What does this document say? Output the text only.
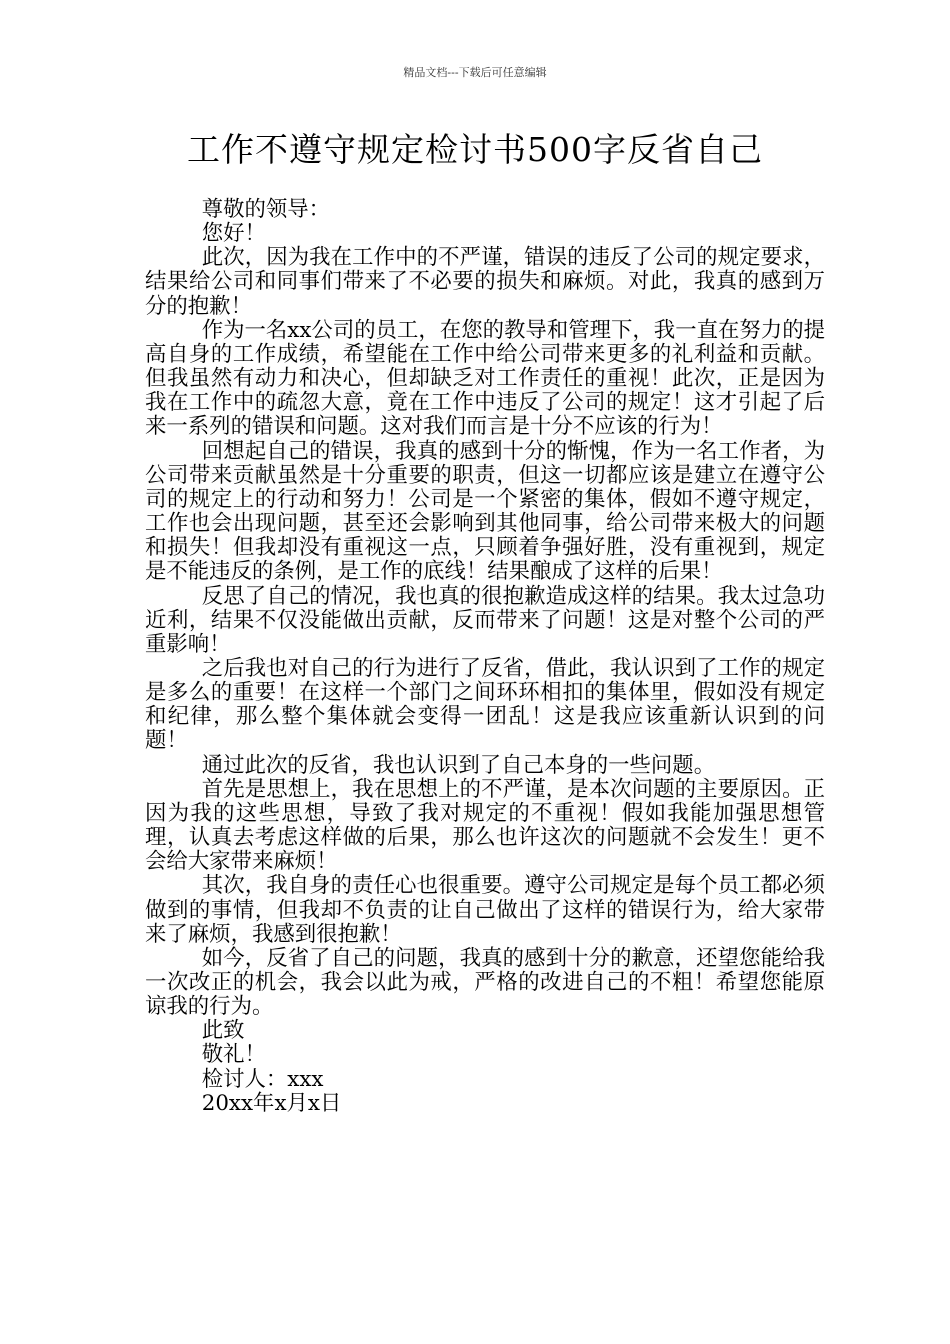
精品文档---下载后可任意编辑
工作不遵守规定检讨书500字反省自己

尊敬的领导：

您好！

此次，因为我在工作中的不严谨，错误的违反了公司的规定要求，结果给公司和同事们带来了不必要的损失和麻烦。对此，我真的感到万分的抱歉！

作为一名xx公司的员工，在您的教导和管理下，我一直在努力的提高自身的工作成绩，希望能在工作中给公司带来更多的礼利益和贡献。但我虽然有动力和决心，但却缺乏对工作责任的重视！此次，正是因为我在工作中的疏忽大意，竟在工作中违反了公司的规定！这才引起了后来一系列的错误和问题。这对我们而言是十分不应该的行为！

回想起自己的错误，我真的感到十分的惭愧，作为一名工作者，为公司带来贡献虽然是十分重要的职责，但这一切都应该是建立在遵守公司的规定上的行动和努力！公司是一个紧密的集体，假如不遵守规定，工作也会出现问题，甚至还会影响到其他同事，给公司带来极大的问题和损失！但我却没有重视这一点，只顾着争强好胜，没有重视到，规定是不能违反的条例，是工作的底线！结果酿成了这样的后果！

反思了自己的情况，我也真的很抱歉造成这样的结果。我太过急功近利，结果不仅没能做出贡献，反而带来了问题！这是对整个公司的严重影响！

之后我也对自己的行为进行了反省，借此，我认识到了工作的规定是多么的重要！在这样一个部门之间环环相扣的集体里，假如没有规定和纪律，那么整个集体就会变得一团乱！这是我应该重新认识到的问题！

通过此次的反省，我也认识到了自己本身的一些问题。

首先是思想上，我在思想上的不严谨，是本次问题的主要原因。正因为我的这些思想，导致了我对规定的不重视！假如我能加强思想管理，认真去考虑这样做的后果，那么也许这次的问题就不会发生！更不会给大家带来麻烦！

其次，我自身的责任心也很重要。遵守公司规定是每个员工都必须做到的事情，但我却不负责的让自己做出了这样的错误行为，给大家带来了麻烦，我感到很抱歉！

如今，反省了自己的问题，我真的感到十分的歉意，还望您能给我一次改正的机会，我会以此为戒，严格的改进自己的不粗！希望您能原谅我的行为。

此致

敬礼！

检讨人：xxx

20xx年x月x日
